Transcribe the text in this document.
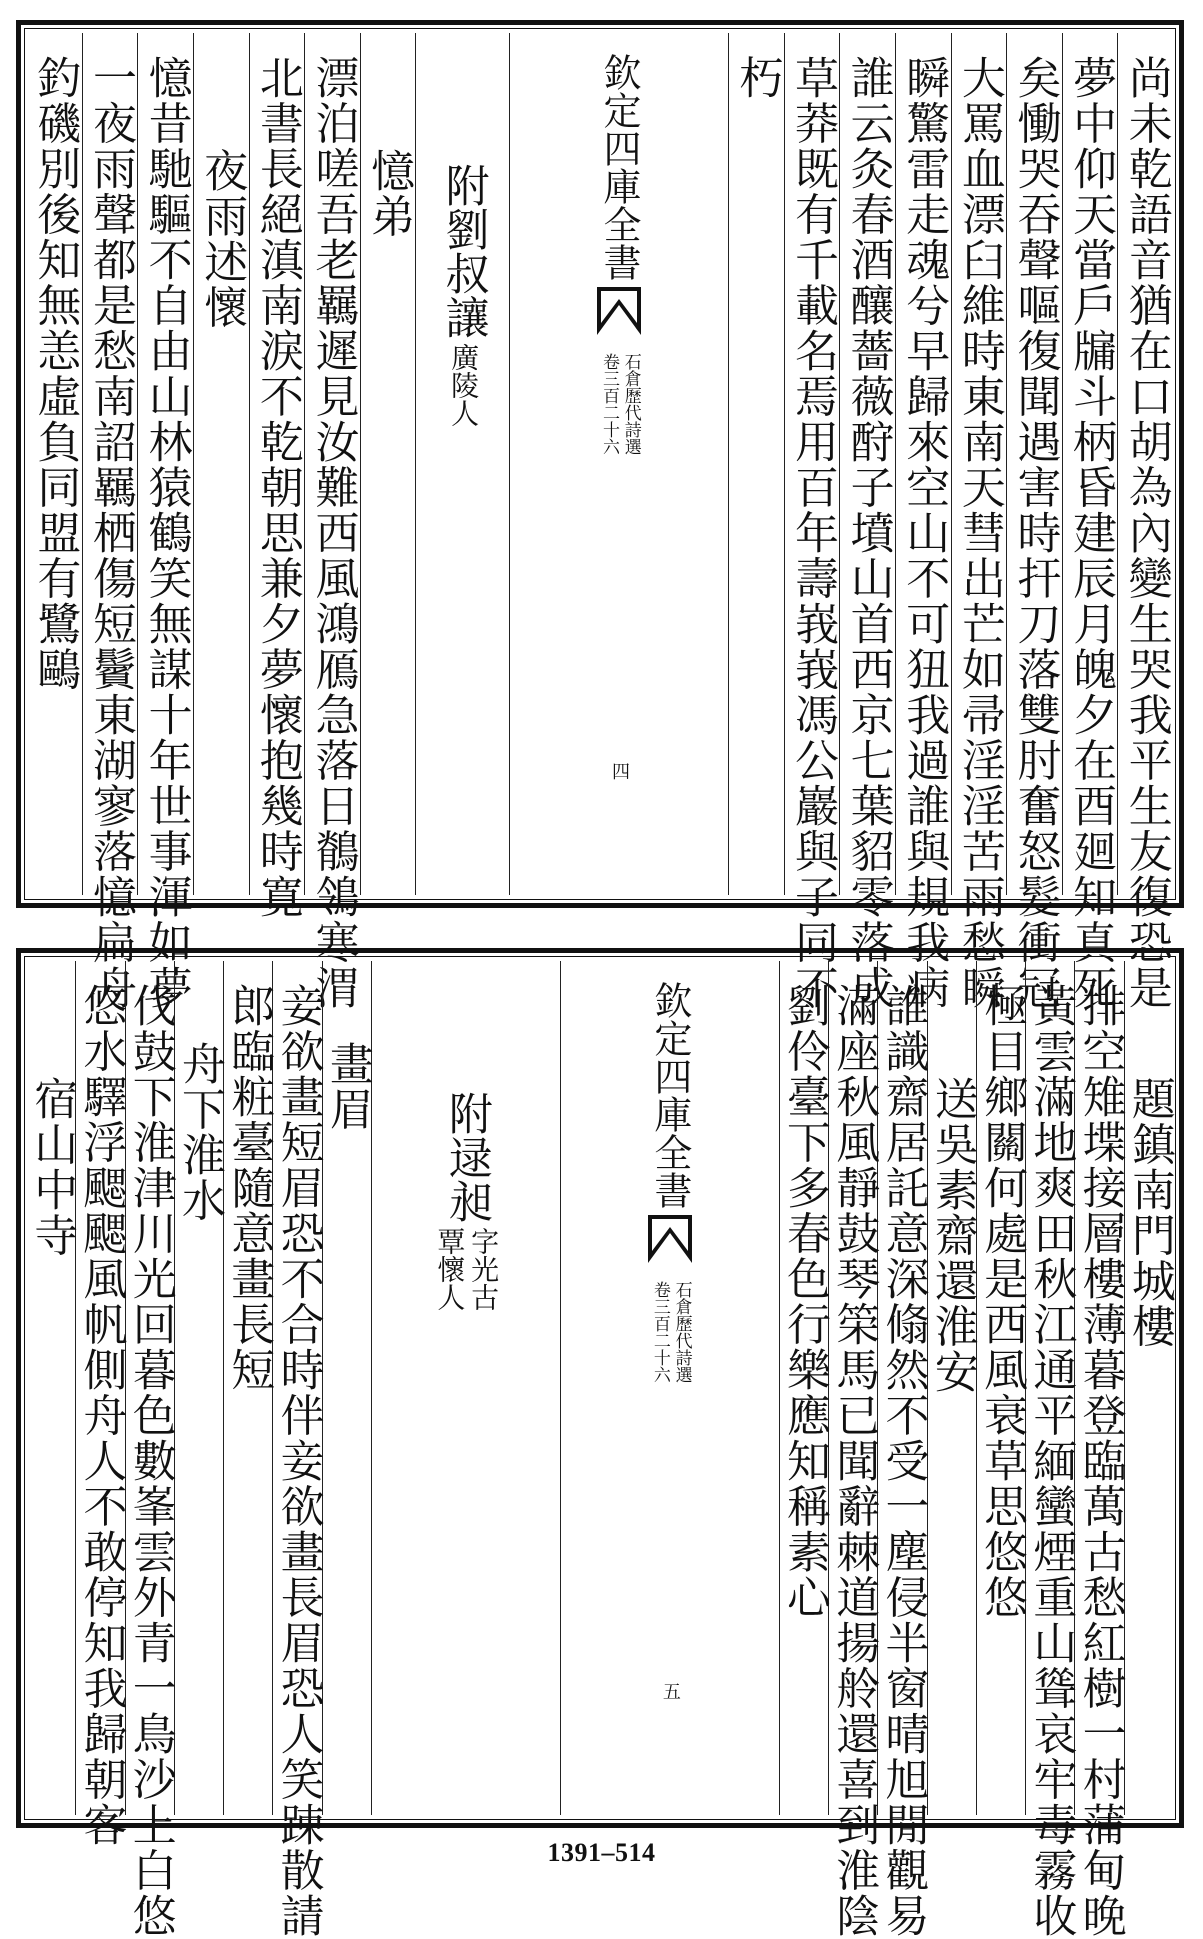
尚未乾語音猶在口胡為內變生哭我平生友復恐是
夢中仰天當戶牖斗柄昏建辰月魄夕在酉廻知真死
矣慟哭吞聲嘔復聞遇害時扞刀落雙肘奮怒髮衝冠
大罵血漂臼維時東南天彗出芒如帚淫淫苦雨愁瞬
瞬驚雷走魂兮早歸來空山不可狃我過誰與規我病
誰云灸春酒釀薔薇酧子墳山首西京七葉貂零落成
草莽既有千載名焉用百年壽峩峩馮公巖與子同不
朽
欽定四庫全書
石倉歷代詩選
卷三百二十六
四
附劉叔讓
廣陵人
憶弟
漂泊嗟吾老羈遲見汝難西風鴻鴈急落日鶺鴒寒渭
北書長絕滇南淚不乾朝思兼夕夢懷抱幾時寛
夜雨述懷
憶昔馳驅不自由山林猿鶴笑無謀十年世事渾如夢
一夜雨聲都是愁南詔羈栖傷短鬢東湖寥落憶扁舟
釣磯別後知無恙虛負同盟有鷺鷗
題鎮南門城樓
排空雉堞接層樓薄暮登臨萬古愁紅樹一村蒲甸晚
黃雲滿地爽田秋江通平緬蠻煙重山聳哀牢毒霧收
極目鄉關何處是西風衰草思悠悠
送吳素齋還淮安
誰識齋居託意深翛然不受一塵侵半窗晴旭閒觀易
滿座秋風靜鼓琴筞馬已聞辭棘道揚舲還喜到淮陰
劉伶臺下多春色行樂應知稱素心
欽定四庫全書
石倉歷代詩選
卷三百二十六
五
附逯昶
字光古
覃懷人
畫眉
妾欲畫短眉恐不合時伴妾欲畫長眉恐人笑踈散請
郎臨粧臺隨意畫長短
舟下淮水
伐鼓下淮津川光回暮色數峯雲外青一鳥沙上白悠
悠水驛浮颸颸風帆側舟人不敢停知我歸朝客
宿山中寺
1391–514
